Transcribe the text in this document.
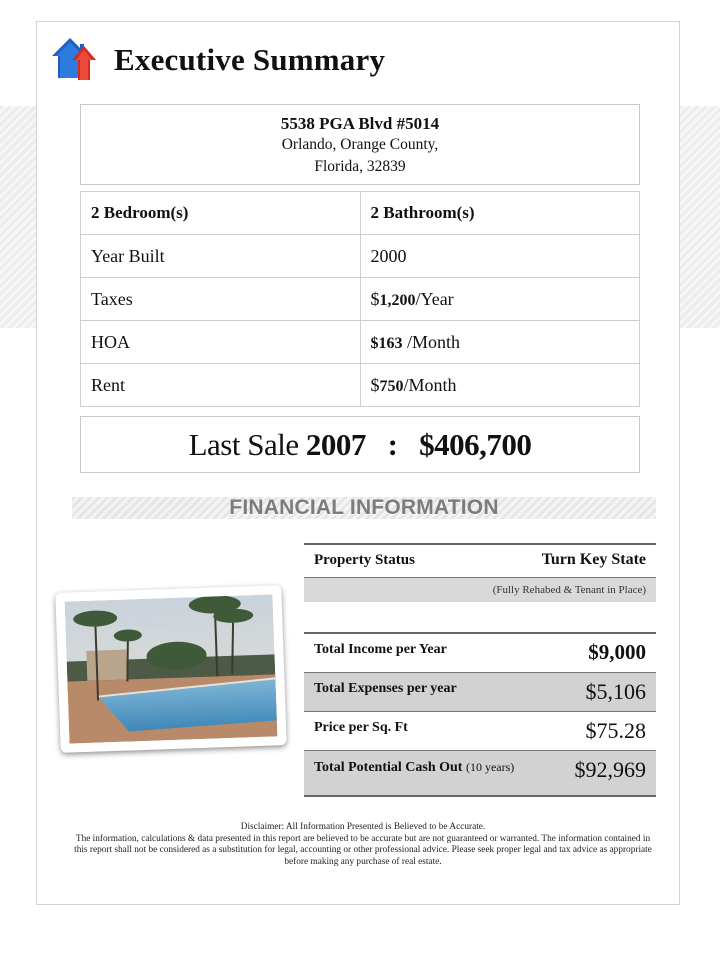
Executive Summary
5538 PGA Blvd #5014
Orlando, Orange County,
Florida, 32839
2 Bedroom(s)	2 Bathroom(s)
Year Built	2000
Taxes	$1,200/Year
HOA	$163 /Month
Rent	$750/Month
Last Sale 2007 : $406,700
FINANCIAL INFORMATION
Property Status	Turn Key State
(Fully Rehabed & Tenant in Place)
Total Income per Year	$9,000
Total Expenses per year	$5,106
Price per Sq. Ft	$75.28
Total Potential Cash Out (10 years)	$92,969
Disclaimer: All Information Presented is Believed to be Accurate.
The information, calculations & data presented in this report are believed to be accurate but are not guaranteed or warranted. The information contained in this report shall not be considered as a substitution for legal, accounting or other professional advice. Please seek proper legal and tax advice as appropriate before making any purchase of real estate.
